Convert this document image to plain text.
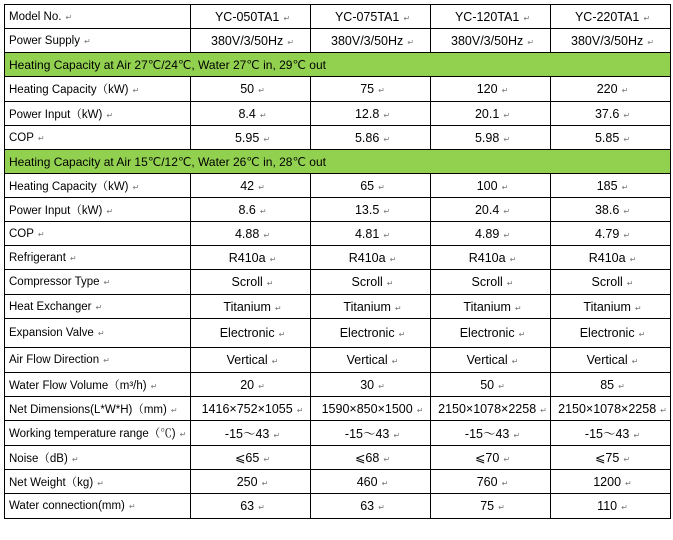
Model No. ↵	YC-050TA1 ↵	YC-075TA1 ↵	YC-120TA1 ↵	YC-220TA1 ↵
Power Supply ↵	380V/3/50Hz ↵	380V/3/50Hz ↵	380V/3/50Hz ↵	380V/3/50Hz ↵
Heating Capacity at Air 27℃/24℃, Water 27℃ in, 29℃ out				
Heating Capacity（kW) ↵	50 ↵	75 ↵	120 ↵	220 ↵
Power Input（kW) ↵	8.4 ↵	12.8 ↵	20.1 ↵	37.6 ↵
COP ↵	5.95 ↵	5.86 ↵	5.98 ↵	5.85 ↵
Heating Capacity at Air 15℃/12℃, Water 26℃ in, 28℃ out				
Heating Capacity（kW) ↵	42 ↵	65 ↵	100 ↵	185 ↵
Power Input（kW) ↵	8.6 ↵	13.5 ↵	20.4 ↵	38.6 ↵
COP ↵	4.88 ↵	4.81 ↵	4.89 ↵	4.79 ↵
Refrigerant ↵	R410a ↵	R410a ↵	R410a ↵	R410a ↵
Compressor Type ↵	Scroll ↵	Scroll ↵	Scroll ↵	Scroll ↵
Heat Exchanger ↵	Titanium ↵	Titanium ↵	Titanium ↵	Titanium ↵
Expansion Valve ↵	Electronic ↵	Electronic ↵	Electronic ↵	Electronic ↵
Air Flow Direction ↵	Vertical ↵	Vertical ↵	Vertical ↵	Vertical ↵
Water Flow Volume（m³/h) ↵	20 ↵	30 ↵	50 ↵	85 ↵
Net Dimensions(L*W*H)（mm) ↵	1416×752×1055 ↵	1590×850×1500 ↵	2150×1078×2258 ↵	2150×1078×2258 ↵
Working temperature range（℃) ↵	-15～43 ↵	-15～43 ↵	-15～43 ↵	-15～43 ↵
Noise（dB) ↵	⩽65 ↵	⩽68 ↵	⩽70 ↵	⩽75 ↵
Net Weight（kg) ↵	250 ↵	460 ↵	760 ↵	1200 ↵
Water connection(mm) ↵	63 ↵	63 ↵	75 ↵	110 ↵
